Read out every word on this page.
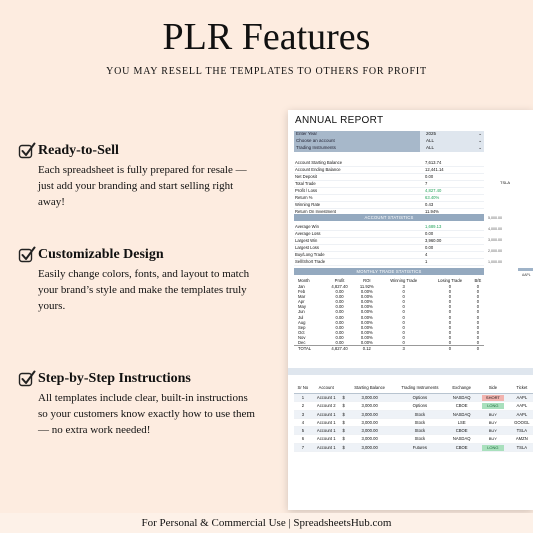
PLR Features
YOU MAY RESELL THE TEMPLATES TO OTHERS FOR PROFIT
Ready-to-Sell
Each spreadsheet is fully prepared for resale — just add your branding and start selling right away!
Customizable Design
Easily change colors, fonts, and layout to match your brand’s style and make the templates truly yours.
Step-by-Step Instructions
All templates include clear, built-in instructions so your customers know exactly how to use them — no extra work needed!
ANNUAL REPORT
Enter Year	2025	⌄
Choose an account	ALL	⌄
Trading Instruments	ALL	⌄
Account Starting Balance	7,613.74
Account Ending Balance	12,441.14
Net Deposit	0.00
Total Trade	7
Profit / Loss	4,827.40
Return %	63.40%
Winning Rate	0.43
Return On Investment	11.94%
ACCOUNT STATISTICS
Average Win	1,689.13
Average Loss	0.00
Largest Win	3,960.00
Largest Loss	0.00
Buy/Long Trade	4
Sell/Short Trade	1
MONTHLY TRADE STATISTICS
Month	Profit	ROI	Winning Trade	Losing Trade	B/E
Jan	4,827.40	11.92%	3	0	0
Feb	0.00	0.00%	0	0	0
Mar	0.00	0.00%	0	0	0
Apr	0.00	0.00%	0	0	0
May	0.00	0.00%	0	0	0
Jun	0.00	0.00%	0	0	0
Jul	0.00	0.00%	0	0	0
Aug	0.00	0.00%	0	0	0
Sep	0.00	0.00%	0	0	0
Oct	0.00	0.00%	0	0	0
Nov	0.00	0.00%	0	0	0
Dec	0.00	0.00%	0	0	0
TOTAL	4,827.40	0.12	3	0	0
TSLA
5,000.00
4,000.00
3,000.00
2,000.00
1,000.00
AAPL
Sr No	Account		Starting Balance	Trading Instruments	Exchange	Side	Ticket
1	Account 1	$	3,000.00	Options	NASDAQ	SHORT	AAPL
2	Account 2	$	3,000.00	Options	CBOE	LONG	AAPL
3	Account 1	$	3,000.00	Stock	NASDAQ	BUY	AAPL
4	Account 1	$	3,000.00	Stock	LSE	BUY	GOOGL
5	Account 1	$	3,000.00	Stock	CBOE	BUY	TSLA
6	Account 1	$	3,000.00	Stock	NASDAQ	BUY	AMZN
7	Account 1	$	3,000.00	Futures	CBOE	LONG	TSLA
For Personal & Commercial Use | SpreadsheetsHub.com
